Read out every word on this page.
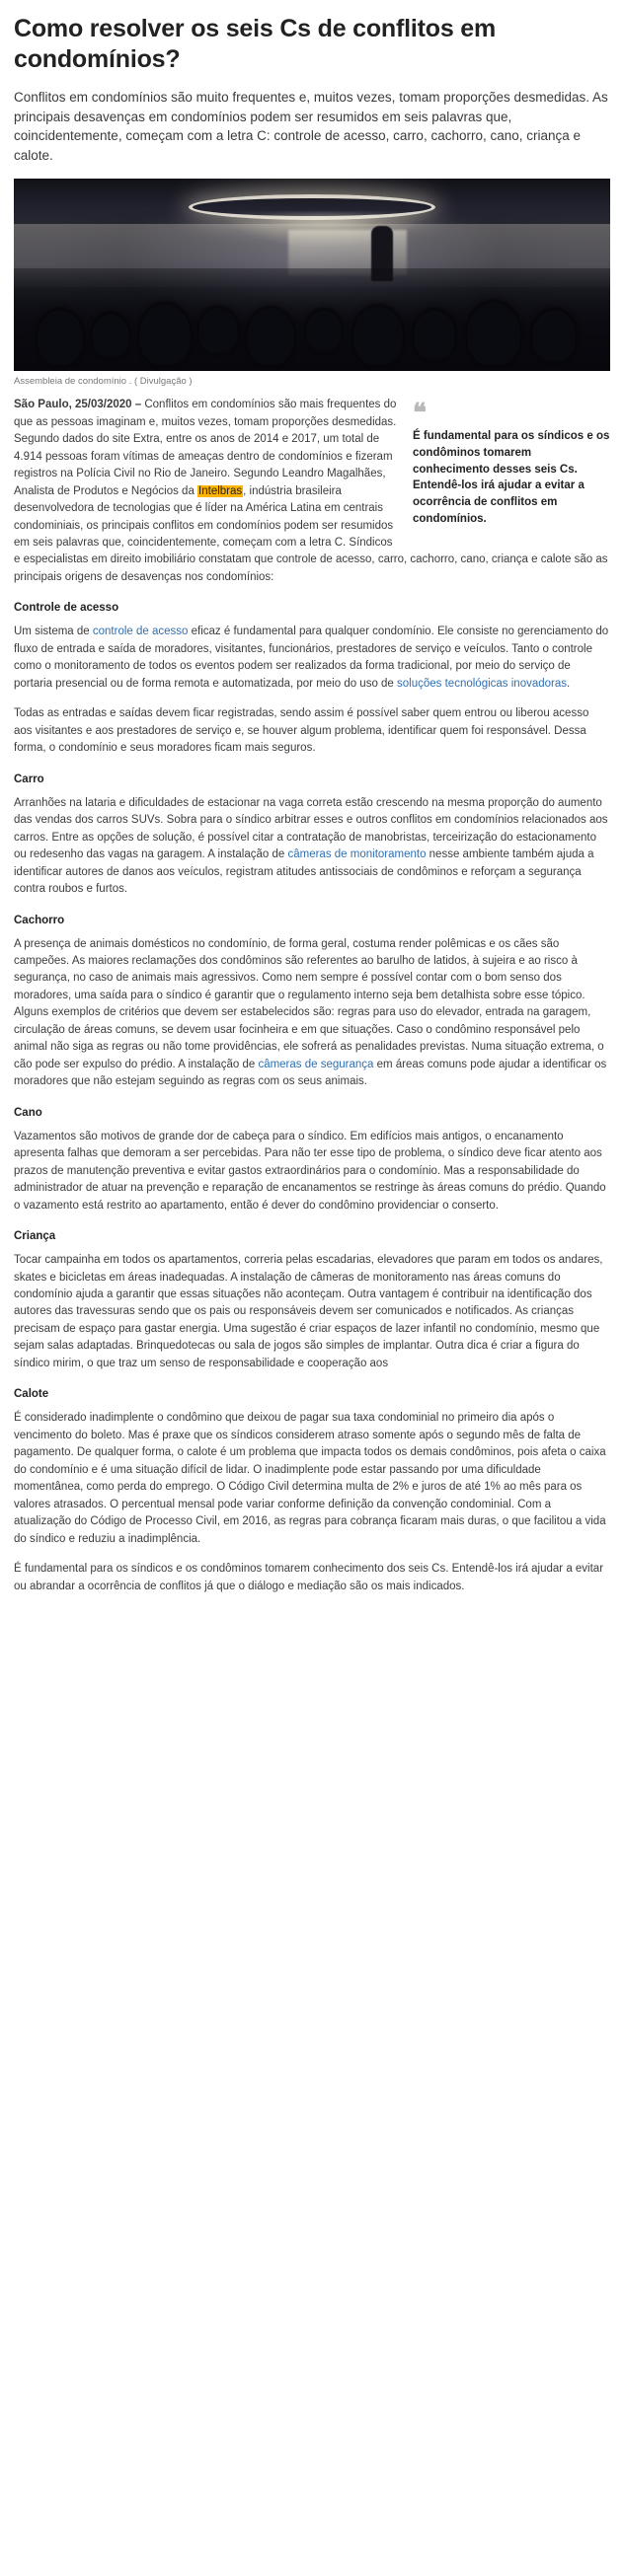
Como resolver os seis Cs de conflitos em condomínios?

Conflitos em condomínios são muito frequentes e, muitos vezes, tomam proporções desmedidas. As principais desavenças em condomínios podem ser resumidos em seis palavras que, coincidentemente, começam com a letra C: controle de acesso, carro, cachorro, cano, criança e calote.

Assembleia de condomínio . ( Divulgação )
❝
É fundamental para os síndicos e os condôminos tomarem conhecimento desses seis Cs. Entendê-los irá ajudar a evitar a ocorrência de conflitos em condomínios.

São Paulo, 25/03/2020 – Conflitos em condomínios são mais frequentes do que as pessoas imaginam e, muitos vezes, tomam proporções desmedidas. Segundo dados do site Extra, entre os anos de 2014 e 2017, um total de 4.914 pessoas foram vítimas de ameaças dentro de condomínios e fizeram registros na Polícia Civil no Rio de Janeiro. Segundo Leandro Magalhães, Analista de Produtos e Negócios da Intelbras, indústria brasileira desenvolvedora de tecnologias que é líder na América Latina em centrais condominiais, os principais conflitos em condomínios podem ser resumidos em seis palavras que, coincidentemente, começam com a letra C. Síndicos e especialistas em direito imobiliário constatam que controle de acesso, carro, cachorro, cano, criança e calote são as principais origens de desavenças nos condomínios:

Controle de acesso

Um sistema de controle de acesso eficaz é fundamental para qualquer condomínio. Ele consiste no gerenciamento do fluxo de entrada e saída de moradores, visitantes, funcionários, prestadores de serviço e veículos. Tanto o controle como o monitoramento de todos os eventos podem ser realizados da forma tradicional, por meio do serviço de portaria presencial ou de forma remota e automatizada, por meio do uso de soluções tecnológicas inovadoras.

Todas as entradas e saídas devem ficar registradas, sendo assim é possível saber quem entrou ou liberou acesso aos visitantes e aos prestadores de serviço e, se houver algum problema, identificar quem foi responsável. Dessa forma, o condomínio e seus moradores ficam mais seguros.

Carro

Arranhões na lataria e dificuldades de estacionar na vaga correta estão crescendo na mesma proporção do aumento das vendas dos carros SUVs. Sobra para o síndico arbitrar esses e outros conflitos em condomínios relacionados aos carros. Entre as opções de solução, é possível citar a contratação de manobristas, terceirização do estacionamento ou redesenho das vagas na garagem. A instalação de câmeras de monitoramento nesse ambiente também ajuda a identificar autores de danos aos veículos, registram atitudes antissociais de condôminos e reforçam a segurança contra roubos e furtos.

Cachorro

A presença de animais domésticos no condomínio, de forma geral, costuma render polêmicas e os cães são campeões. As maiores reclamações dos condôminos são referentes ao barulho de latidos, à sujeira e ao risco à segurança, no caso de animais mais agressivos. Como nem sempre é possível contar com o bom senso dos moradores, uma saída para o síndico é garantir que o regulamento interno seja bem detalhista sobre esse tópico. Alguns exemplos de critérios que devem ser estabelecidos são: regras para uso do elevador, entrada na garagem, circulação de áreas comuns, se devem usar focinheira e em que situações. Caso o condômino responsável pelo animal não siga as regras ou não tome providências, ele sofrerá as penalidades previstas. Numa situação extrema, o cão pode ser expulso do prédio. A instalação de câmeras de segurança em áreas comuns pode ajudar a identificar os moradores que não estejam seguindo as regras com os seus animais.

Cano

Vazamentos são motivos de grande dor de cabeça para o síndico. Em edifícios mais antigos, o encanamento apresenta falhas que demoram a ser percebidas. Para não ter esse tipo de problema, o síndico deve ficar atento aos prazos de manutenção preventiva e evitar gastos extraordinários para o condomínio. Mas a responsabilidade do administrador de atuar na prevenção e reparação de encanamentos se restringe às áreas comuns do prédio. Quando o vazamento está restrito ao apartamento, então é dever do condômino providenciar o conserto.

Criança

Tocar campainha em todos os apartamentos, correria pelas escadarias, elevadores que param em todos os andares, skates e bicicletas em áreas inadequadas. A instalação de câmeras de monitoramento nas áreas comuns do condomínio ajuda a garantir que essas situações não aconteçam. Outra vantagem é contribuir na identificação dos autores das travessuras sendo que os pais ou responsáveis devem ser comunicados e notificados. As crianças precisam de espaço para gastar energia. Uma sugestão é criar espaços de lazer infantil no condomínio, mesmo que sejam salas adaptadas. Brinquedotecas ou sala de jogos são simples de implantar. Outra dica é criar a figura do síndico mirim, o que traz um senso de responsabilidade e cooperação aos

Calote

É considerado inadimplente o condômino que deixou de pagar sua taxa condominial no primeiro dia após o vencimento do boleto. Mas é praxe que os síndicos considerem atraso somente após o segundo mês de falta de pagamento. De qualquer forma, o calote é um problema que impacta todos os demais condôminos, pois afeta o caixa do condomínio e é uma situação difícil de lidar. O inadimplente pode estar passando por uma dificuldade momentânea, como perda do emprego. O Código Civil determina multa de 2% e juros de até 1% ao mês para os valores atrasados. O percentual mensal pode variar conforme definição da convenção condominial. Com a atualização do Código de Processo Civil, em 2016, as regras para cobrança ficaram mais duras, o que facilitou a vida do síndico e reduziu a inadimplência.

É fundamental para os síndicos e os condôminos tomarem conhecimento dos seis Cs. Entendê-los irá ajudar a evitar ou abrandar a ocorrência de conflitos já que o diálogo e mediação são os mais indicados.
